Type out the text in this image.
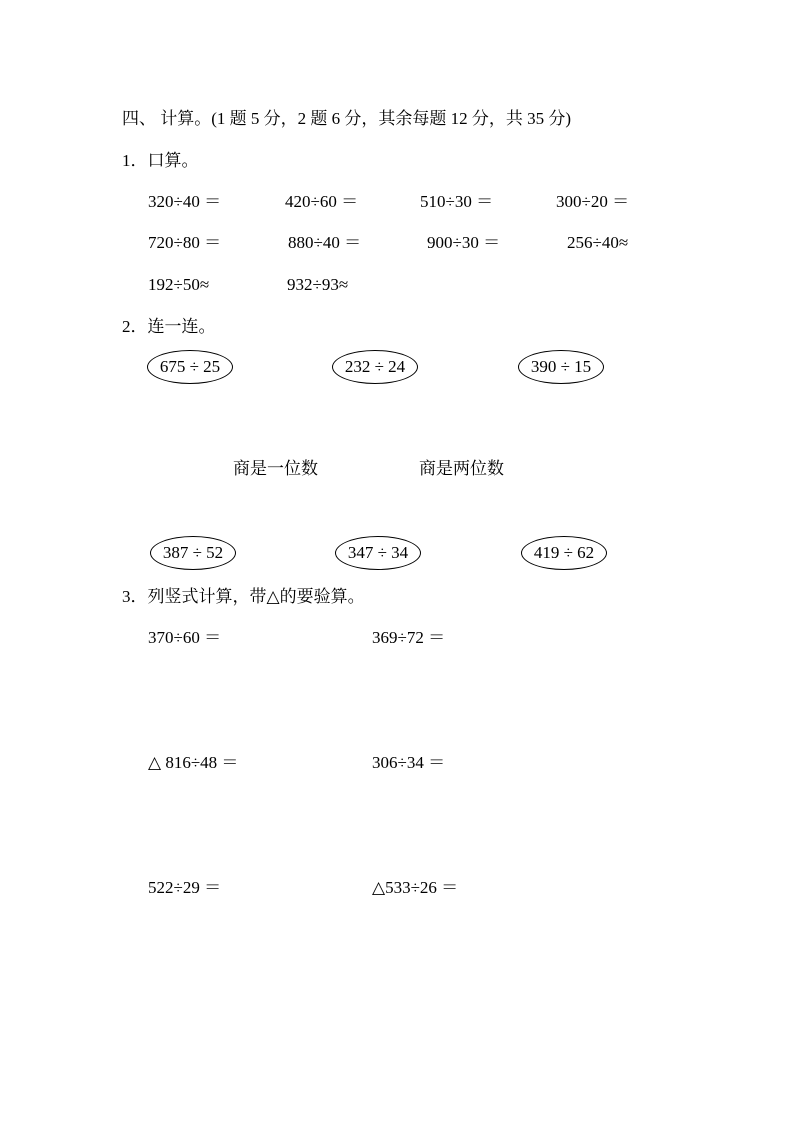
四、 计算。(1 题 5 分，2 题 6 分，其余每题 12 分，共 35 分)
1．口算。
320÷40 ＝	420÷60 ＝	510÷30 ＝	300÷20 ＝
720÷80 ＝	880÷40 ＝	900÷30 ＝	256÷40≈
192÷50≈	932÷93≈
2．连一连。
675 ÷ 25	232 ÷ 24	390 ÷ 15
商是一位数	商是两位数
387 ÷ 52	347 ÷ 34	419 ÷ 62
3．列竖式计算，带△的要验算。
370÷60 ＝	369÷72 ＝
△ 816÷48 ＝	306÷34 ＝
522÷29 ＝	△533÷26 ＝
